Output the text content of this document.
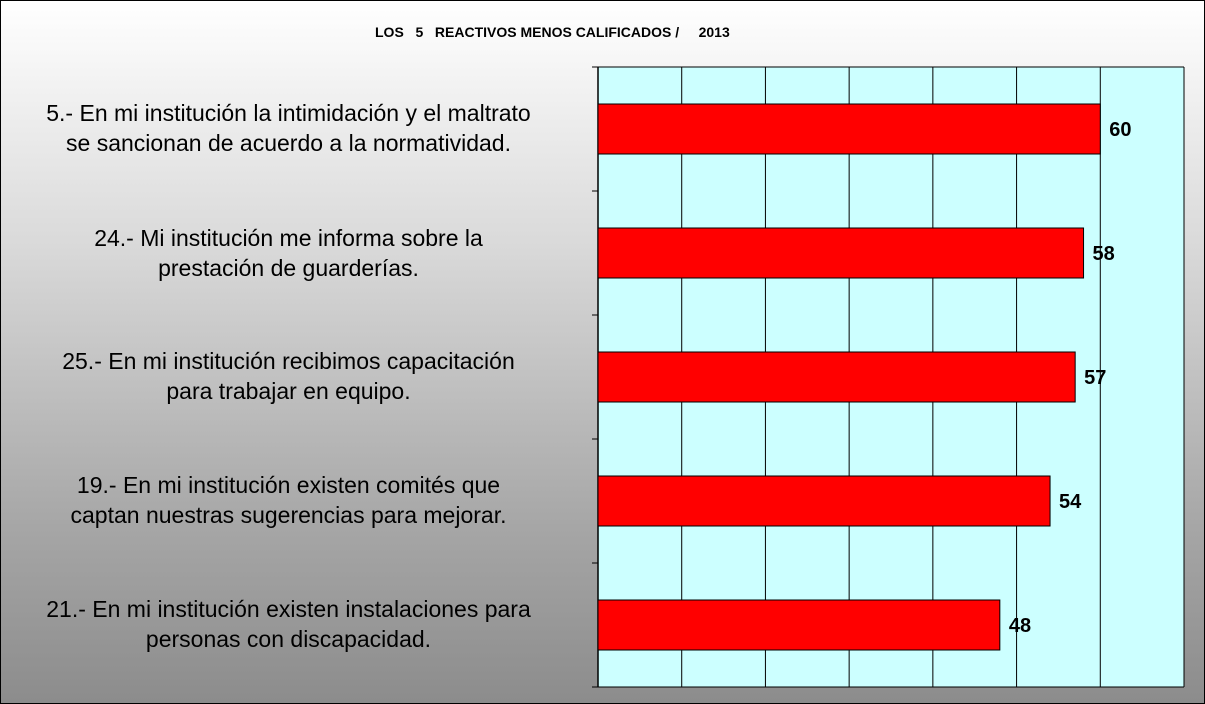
LOS   5   REACTIVOS MENOS CALIFICADOS /     2013
5.- En mi institución la intimidación y el maltrato
se sancionan de acuerdo a la normatividad.
24.- Mi institución me informa sobre la
prestación de guarderías.
25.- En mi institución recibimos capacitación
para trabajar en equipo.
19.- En mi institución existen comités que
captan nuestras sugerencias para mejorar.
21.- En mi institución existen instalaciones para
personas con discapacidad.
60
58
57
54
48
